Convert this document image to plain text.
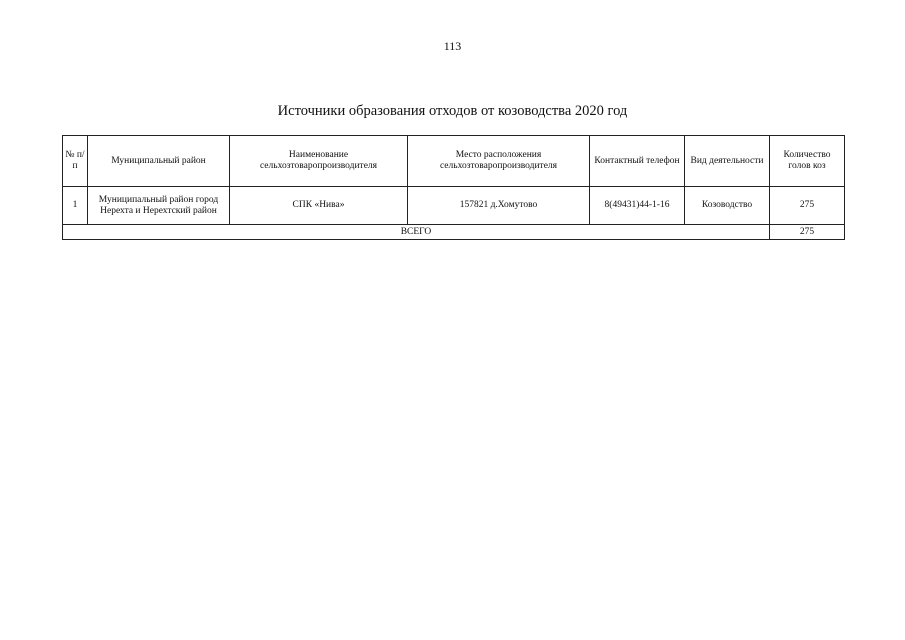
113
Источники образования отходов от козоводства 2020 год
№ п/п	Муниципальный район	Наименование сельхозтоваропроизводителя	Место расположения сельхозтоваропроизводителя	Контактный телефон	Вид деятельности	Количество голов коз
1	Муниципальный район город Нерехта и Нерехтский район	СПК «Нива»	157821 д.Хомутово	8(49431)44-1-16	Козоводство	275
ВСЕГО						275
